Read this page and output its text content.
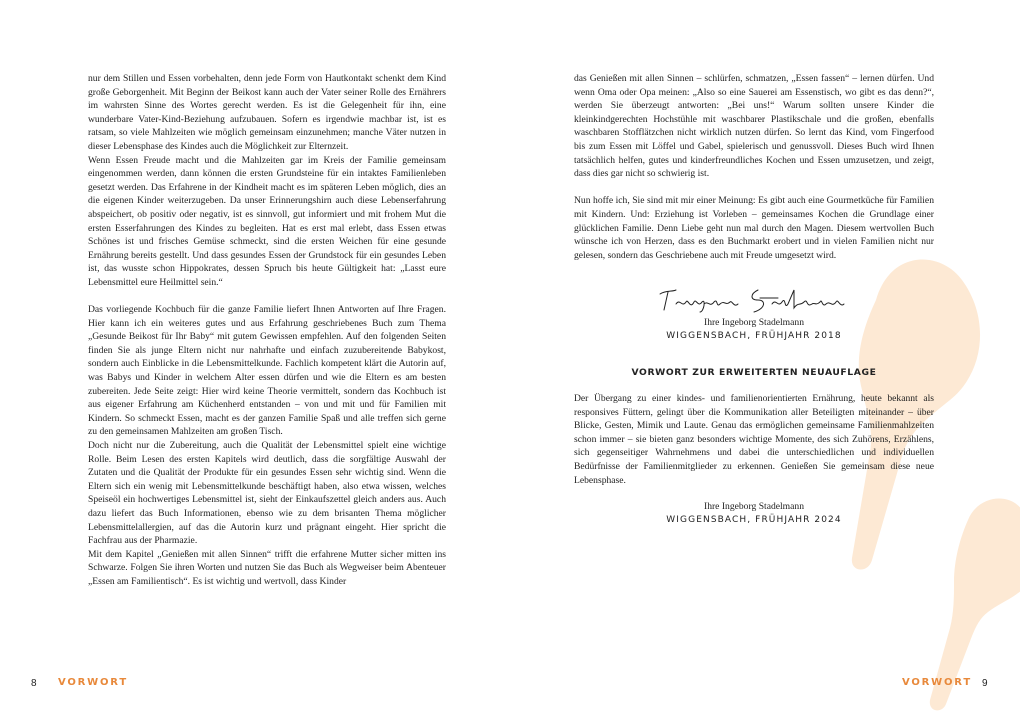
nur dem Stillen und Essen vorbehalten, denn jede Form von Hautkontakt schenkt dem Kind große Geborgenheit. Mit Beginn der Beikost kann auch der Vater seiner Rolle des Ernährers im wahrsten Sinne des Wortes gerecht werden. Es ist die Gelegenheit für ihn, eine wunderbare Vater-Kind-Beziehung aufzubauen. Sofern es irgendwie machbar ist, ist es ratsam, so viele Mahlzeiten wie möglich gemeinsam einzunehmen; manche Väter nutzen in dieser Lebensphase des Kindes auch die Möglichkeit zur Elternzeit.

Wenn Essen Freude macht und die Mahlzeiten gar im Kreis der Familie gemeinsam eingenommen werden, dann können die ersten Grundsteine für ein intaktes Familienleben gesetzt werden. Das Erfahrene in der Kindheit macht es im späteren Leben möglich, dies an die eigenen Kinder weiterzugeben. Da unser Erinnerungshirn auch diese Lebenserfahrung abspeichert, ob positiv oder negativ, ist es sinnvoll, gut informiert und mit frohem Mut die ersten Esserfahrungen des Kindes zu begleiten. Hat es erst mal erlebt, dass Essen etwas Schönes ist und frisches Gemüse schmeckt, sind die ersten Weichen für eine gesunde Ernährung bereits gestellt. Und dass gesundes Essen der Grundstock für ein gesundes Leben ist, das wusste schon Hippokrates, dessen Spruch bis heute Gültigkeit hat: „Lasst eure Lebensmittel eure Heilmittel sein.“

Das vorliegende Kochbuch für die ganze Familie liefert Ihnen Antworten auf Ihre Fragen. Hier kann ich ein weiteres gutes und aus Erfahrung geschriebenes Buch zum Thema „Gesunde Beikost für Ihr Baby“ mit gutem Gewissen empfehlen. Auf den folgenden Seiten finden Sie als junge Eltern nicht nur nahrhafte und einfach zuzubereitende Babykost, sondern auch Einblicke in die Lebensmittelkunde. Fachlich kompetent klärt die Autorin auf, was Babys und Kinder in welchem Alter essen dürfen und wie die Eltern es am besten zubereiten. Jede Seite zeigt: Hier wird keine Theorie vermittelt, sondern das Kochbuch ist aus eigener Erfahrung am Küchenherd entstanden – von und mit und für Familien mit Kindern. So schmeckt Essen, macht es der ganzen Familie Spaß und alle treffen sich gerne zu den gemeinsamen Mahlzeiten am großen Tisch.

Doch nicht nur die Zubereitung, auch die Qualität der Lebensmittel spielt eine wichtige Rolle. Beim Lesen des ersten Kapitels wird deutlich, dass die sorgfältige Auswahl der Zutaten und die Qualität der Produkte für ein gesundes Essen sehr wichtig sind. Wenn die Eltern sich ein wenig mit Lebensmittelkunde beschäftigt haben, also etwa wissen, welches Speiseöl ein hochwertiges Lebensmittel ist, sieht der Einkaufszettel gleich anders aus. Auch dazu liefert das Buch Informationen, ebenso wie zu dem brisanten Thema möglicher Lebensmittelallergien, auf das die Autorin kurz und prägnant eingeht. Hier spricht die Fachfrau aus der Pharmazie.

Mit dem Kapitel „Genießen mit allen Sinnen“ trifft die erfahrene Mutter sicher mitten ins Schwarze. Folgen Sie ihren Worten und nutzen Sie das Buch als Wegweiser beim Abenteuer „Essen am Familientisch“. Es ist wichtig und wertvoll, dass Kinder

8 VORWORT

das Genießen mit allen Sinnen – schlürfen, schmatzen, „Essen fassen“ – lernen dürfen. Und wenn Oma oder Opa meinen: „Also so eine Sauerei am Essenstisch, wo gibt es das denn?“, werden Sie überzeugt antworten: „Bei uns!“ Warum sollten unsere Kinder die kleinkindgerechten Hochstühle mit waschbarer Plastikschale und die großen, ebenfalls waschbaren Stofflätzchen nicht wirklich nutzen dürfen. So lernt das Kind, vom Fingerfood bis zum Essen mit Löffel und Gabel, spielerisch und genussvoll. Dieses Buch wird Ihnen tatsächlich helfen, gutes und kinderfreundliches Kochen und Essen umzusetzen, und zeigt, dass dies gar nicht so schwierig ist.

Nun hoffe ich, Sie sind mit mir einer Meinung: Es gibt auch eine Gourmetküche für Familien mit Kindern. Und: Erziehung ist Vorleben – gemeinsames Kochen die Grundlage einer glücklichen Familie. Denn Liebe geht nun mal durch den Magen. Diesem wertvollen Buch wünsche ich von Herzen, dass es den Buchmarkt erobert und in vielen Familien nicht nur gelesen, sondern das Geschriebene auch mit Freude umgesetzt wird.

Ihre Ingeborg Stadelmann
WIGGENSBACH, FRÜHJAHR 2018
VORWORT ZUR ERWEITERTEN NEUAUFLAGE

Der Übergang zu einer kindes- und familienorientierten Ernährung, heute bekannt als responsives Füttern, gelingt über die Kommunikation aller Beteiligten miteinander – über Blicke, Gesten, Mimik und Laute. Genau das ermöglichen gemeinsame Familienmahlzeiten schon immer – sie bieten ganz besonders wichtige Momente, des sich Zuhörens, Erzählens, sich gegenseitiger Wahrnehmens und dabei die unterschiedlichen und individuellen Bedürfnisse der Familienmitglieder zu erkennen. Genießen Sie gemeinsam diese neue Lebensphase.

Ihre Ingeborg Stadelmann
WIGGENSBACH, FRÜHJAHR 2024
VORWORT 9
